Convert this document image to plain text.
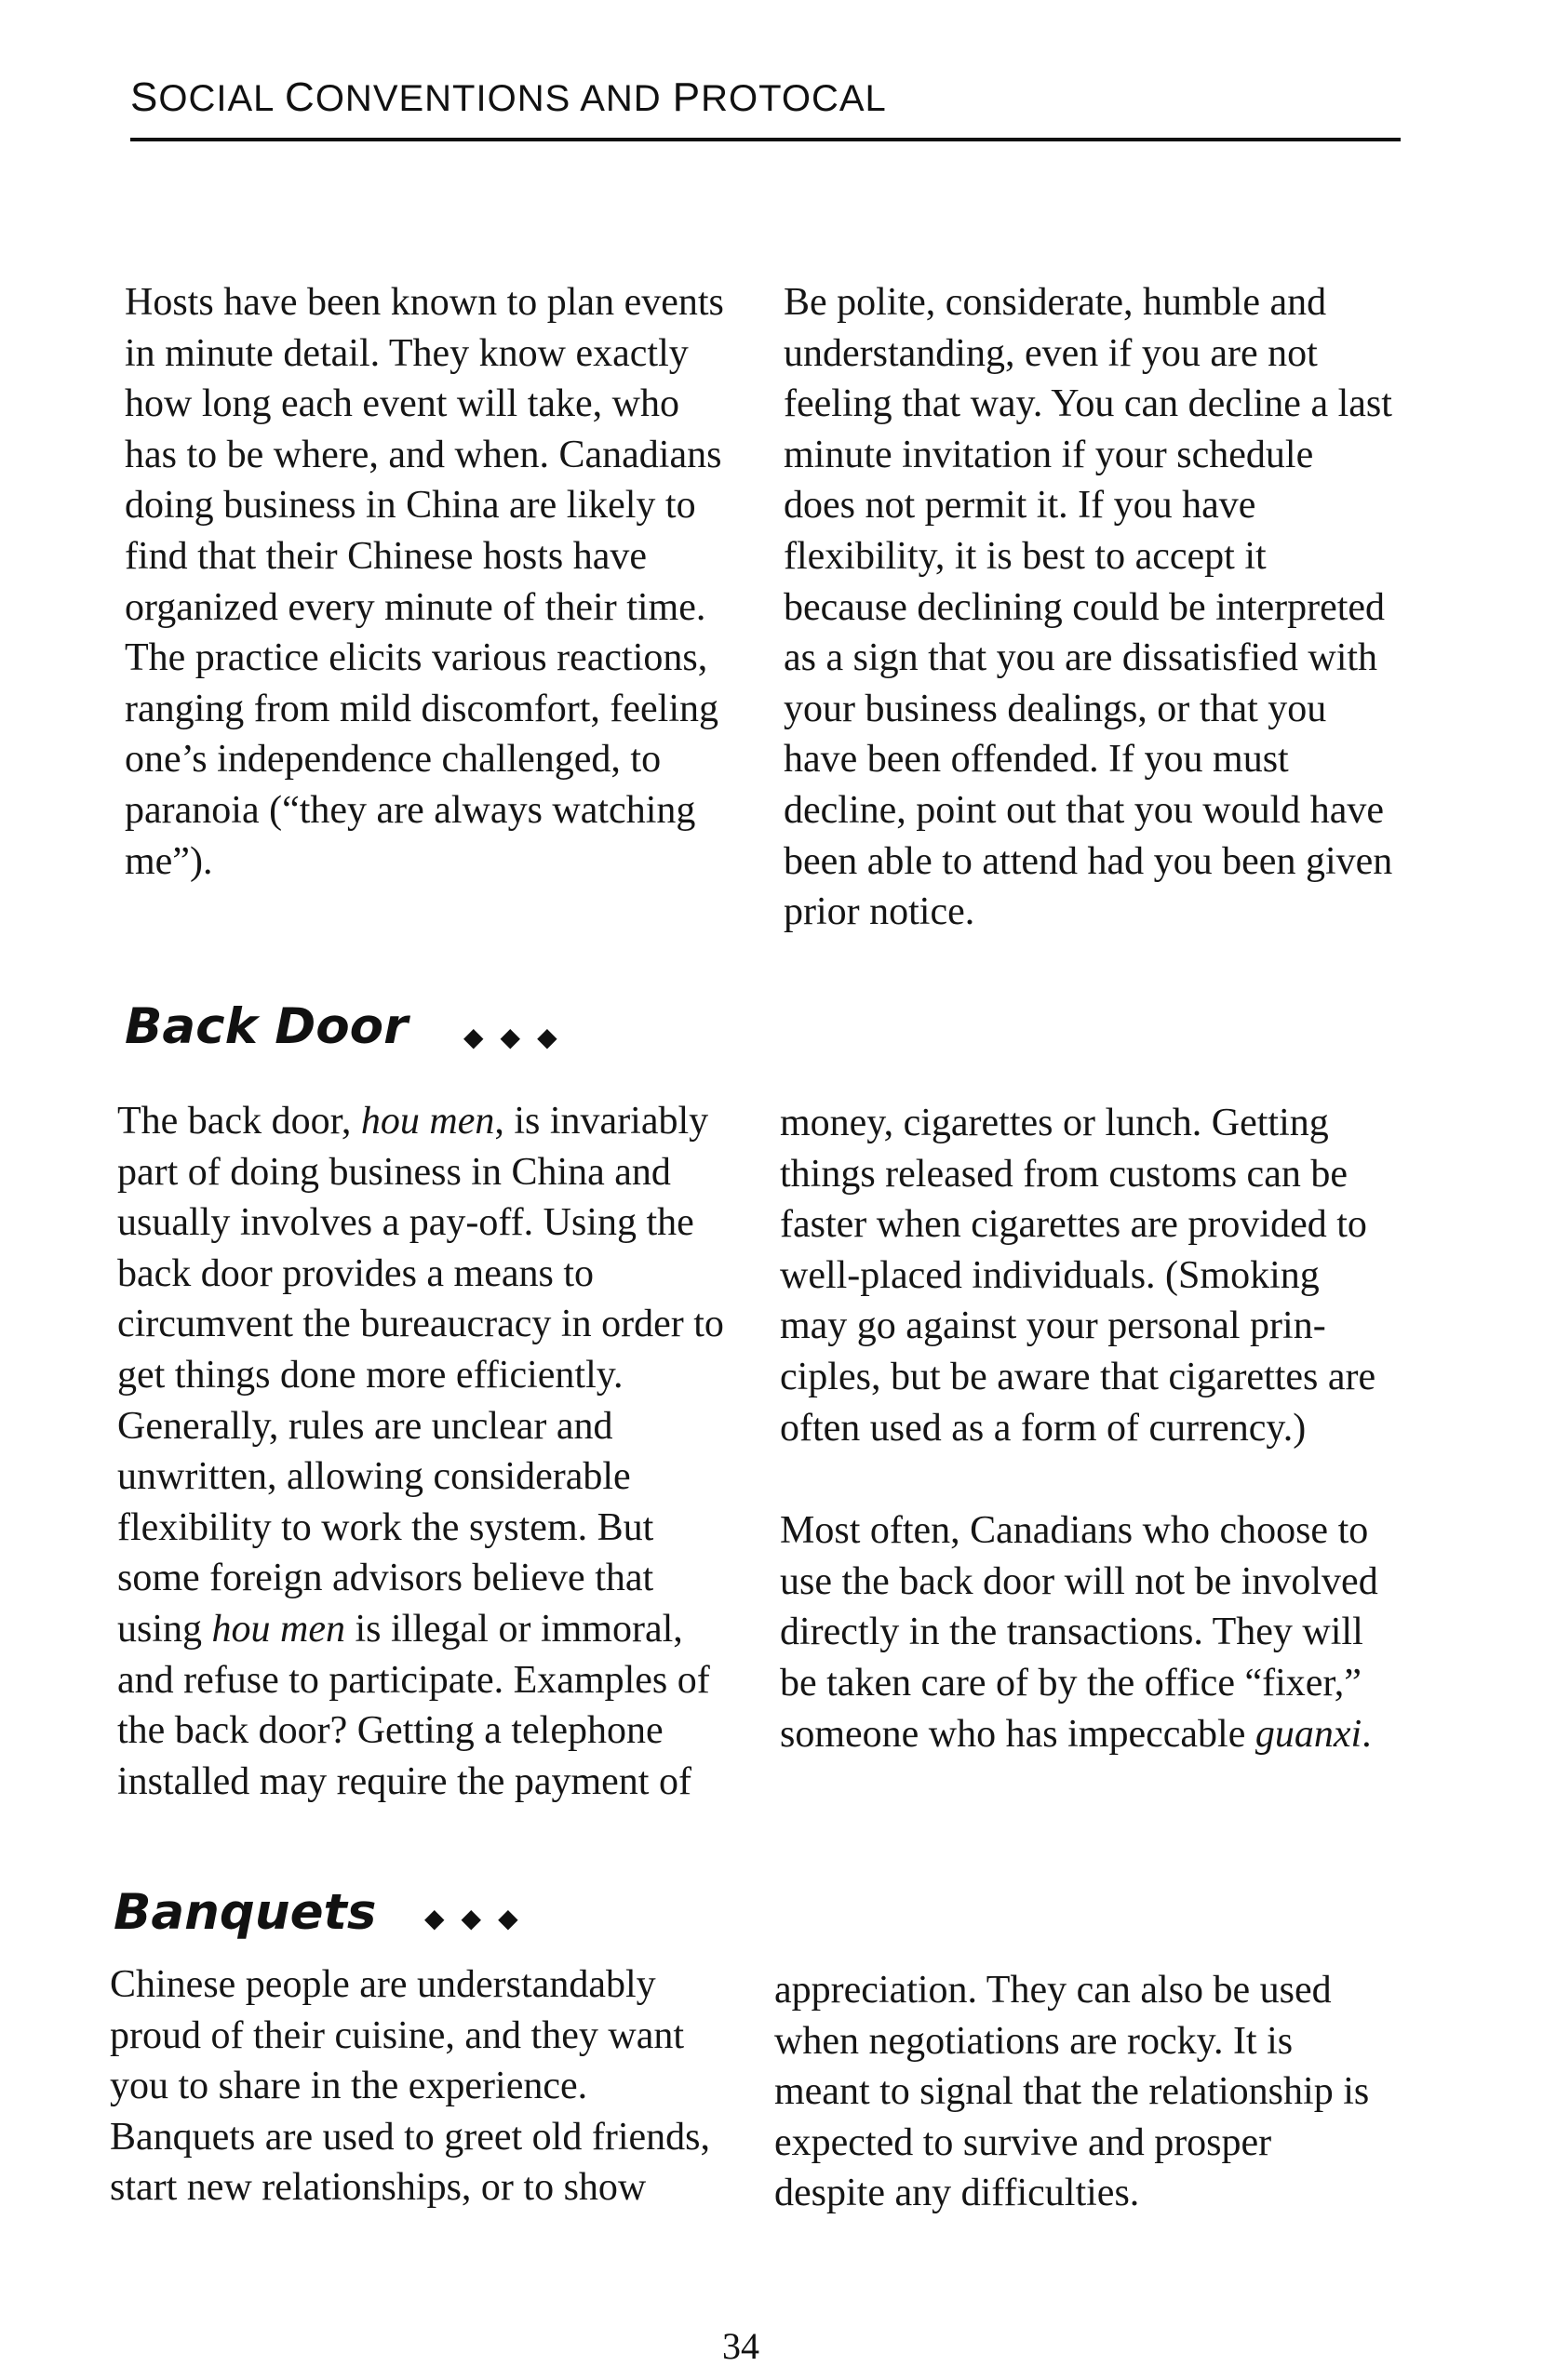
SOCIAL CONVENTIONS AND PROTOCAL

Hosts have been known to plan events
in minute detail. They know exactly
how long each event will take, who
has to be where, and when. Canadians
doing business in China are likely to
find that their Chinese hosts have
organized every minute of their time.
The practice elicits various reactions,
ranging from mild discomfort, feeling
one’s independence challenged, to
paranoia (“they are always watching
me”).

Be polite, considerate, humble and
understanding, even if you are not
feeling that way. You can decline a last
minute invitation if your schedule
does not permit it. If you have
flexibility, it is best to accept it
because declining could be interpreted
as a sign that you are dissatisfied with
your business dealings, or that you
have been offended. If you must
decline, point out that you would have
been able to attend had you been given
prior notice.

Back Door ◆◆◆

The back door, hou men, is invariably
part of doing business in China and
usually involves a pay-off. Using the
back door provides a means to
circumvent the bureaucracy in order to
get things done more efficiently.
Generally, rules are unclear and
unwritten, allowing considerable
flexibility to work the system. But
some foreign advisors believe that
using hou men is illegal or immoral,
and refuse to participate. Examples of
the back door? Getting a telephone
installed may require the payment of

money, cigarettes or lunch. Getting
things released from customs can be
faster when cigarettes are provided to
well-placed individuals. (Smoking
may go against your personal prin-
ciples, but be aware that cigarettes are
often used as a form of currency.)

Most often, Canadians who choose to
use the back door will not be involved
directly in the transactions. They will
be taken care of by the office “fixer,”
someone who has impeccable guanxi.

Banquets ◆◆◆

Chinese people are understandably
proud of their cuisine, and they want
you to share in the experience.
Banquets are used to greet old friends,
start new relationships, or to show

appreciation. They can also be used
when negotiations are rocky. It is
meant to signal that the relationship is
expected to survive and prosper
despite any difficulties.

34
